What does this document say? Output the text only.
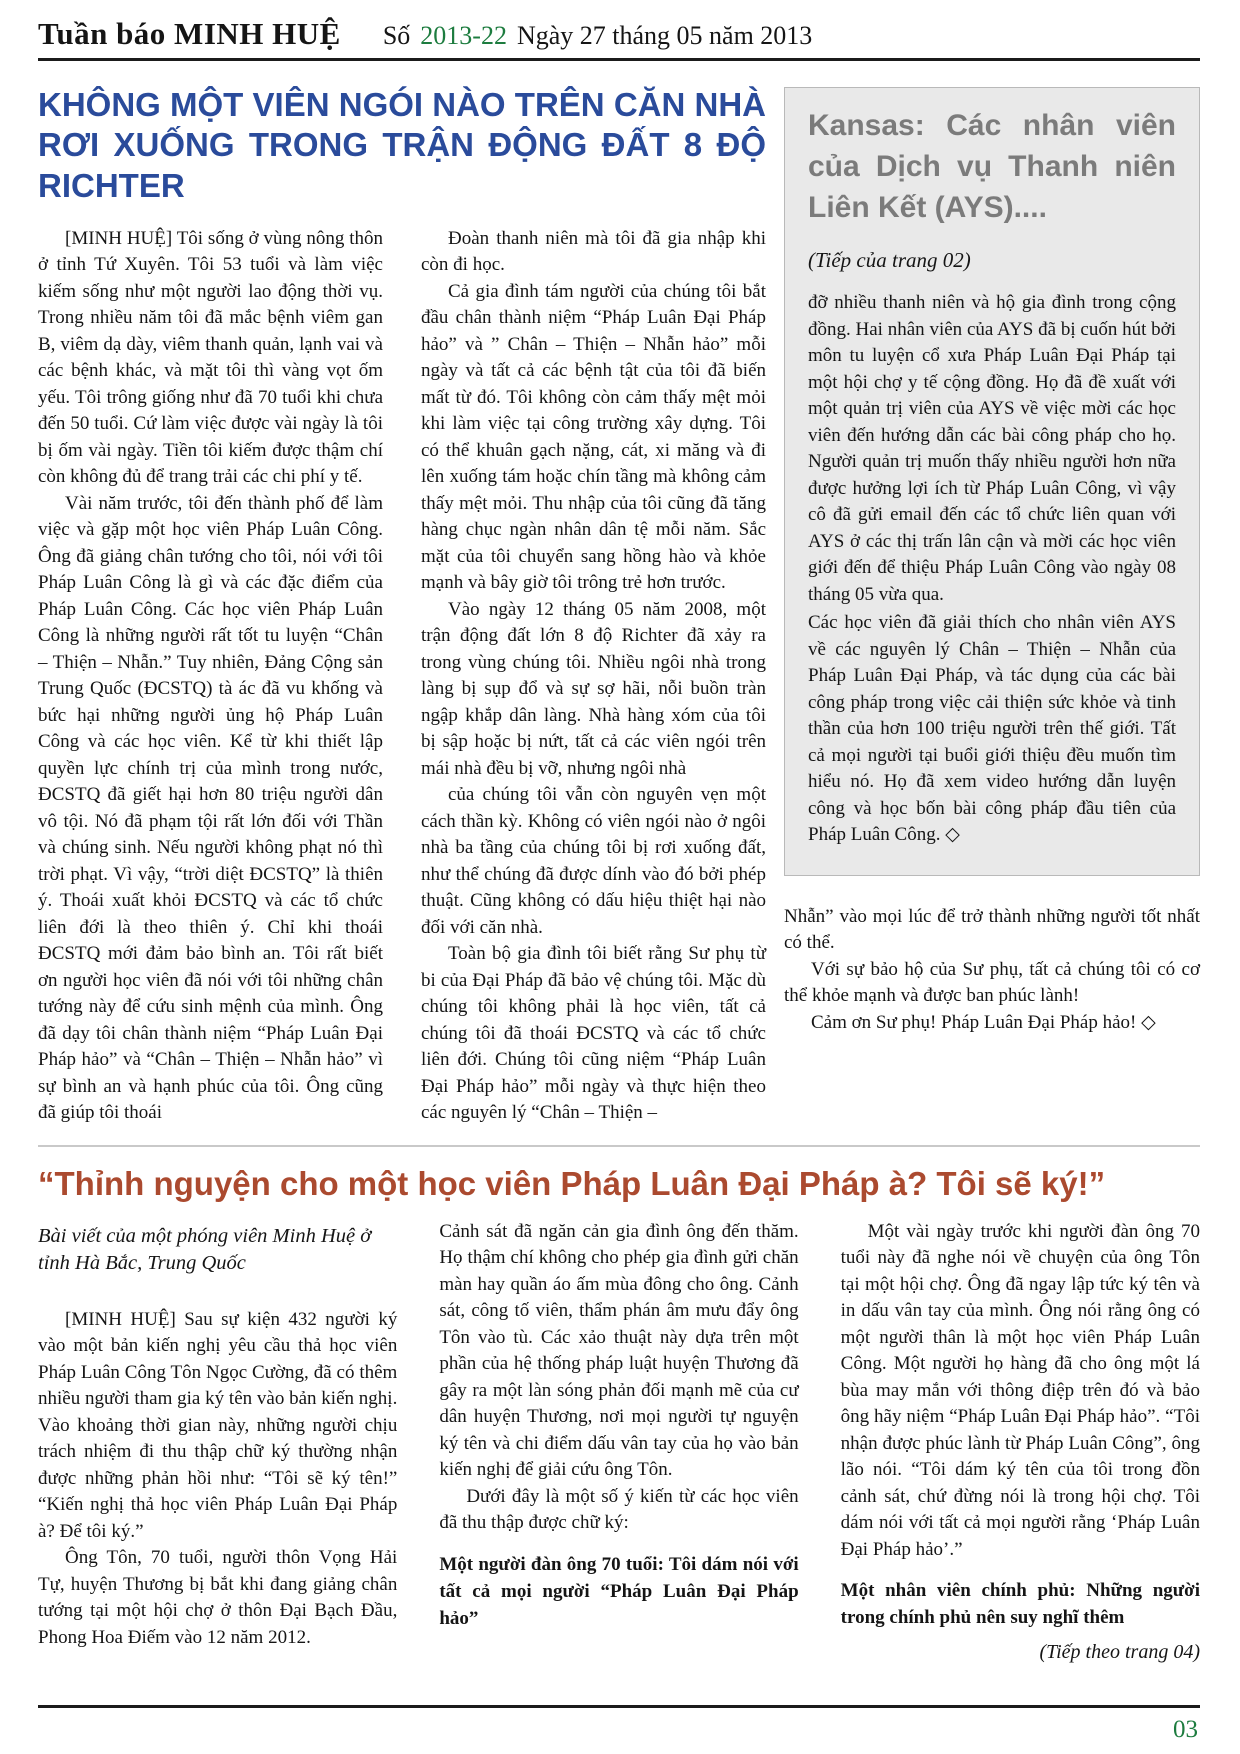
Tuần báo MINH HUỆ Số 2013-22 Ngày 27 tháng 05 năm 2013
KHÔNG MỘT VIÊN NGÓI NÀO TRÊN CĂN NHÀ RƠI XUỐNG TRONG TRẬN ĐỘNG ĐẤT 8 ĐỘ RICHTER

[MINH HUỆ] Tôi sống ở vùng nông thôn ở tỉnh Tứ Xuyên. Tôi 53 tuổi và làm việc kiếm sống như một người lao động thời vụ. Trong nhiều năm tôi đã mắc bệnh viêm gan B, viêm dạ dày, viêm thanh quản, lạnh vai và các bệnh khác, và mặt tôi thì vàng vọt ốm yếu. Tôi trông giống như đã 70 tuổi khi chưa đến 50 tuổi. Cứ làm việc được vài ngày là tôi bị ốm vài ngày. Tiền tôi kiếm được thậm chí còn không đủ để trang trải các chi phí y tế.

Vài năm trước, tôi đến thành phố để làm việc và gặp một học viên Pháp Luân Công. Ông đã giảng chân tướng cho tôi, nói với tôi Pháp Luân Công là gì và các đặc điểm của Pháp Luân Công. Các học viên Pháp Luân Công là những người rất tốt tu luyện “Chân – Thiện – Nhẫn.” Tuy nhiên, Đảng Cộng sản Trung Quốc (ĐCSTQ) tà ác đã vu khống và bức hại những người ủng hộ Pháp Luân Công và các học viên. Kể từ khi thiết lập quyền lực chính trị của mình trong nước, ĐCSTQ đã giết hại hơn 80 triệu người dân vô tội. Nó đã phạm tội rất lớn đối với Thần và chúng sinh. Nếu người không phạt nó thì trời phạt. Vì vậy, “trời diệt ĐCSTQ” là thiên ý. Thoái xuất khỏi ĐCSTQ và các tổ chức liên đới là theo thiên ý. Chỉ khi thoái ĐCSTQ mới đảm bảo bình an. Tôi rất biết ơn người học viên đã nói với tôi những chân tướng này để cứu sinh mệnh của mình. Ông đã dạy tôi chân thành niệm “Pháp Luân Đại Pháp hảo” và “Chân – Thiện – Nhẫn hảo” vì sự bình an và hạnh phúc của tôi. Ông cũng đã giúp tôi thoái

Đoàn thanh niên mà tôi đã gia nhập khi còn đi học.

Cả gia đình tám người của chúng tôi bắt đầu chân thành niệm “Pháp Luân Đại Pháp hảo” và ” Chân – Thiện – Nhẫn hảo” mỗi ngày và tất cả các bệnh tật của tôi đã biến mất từ đó. Tôi không còn cảm thấy mệt mỏi khi làm việc tại công trường xây dựng. Tôi có thể khuân gạch nặng, cát, xi măng và đi lên xuống tám hoặc chín tầng mà không cảm thấy mệt mỏi. Thu nhập của tôi cũng đã tăng hàng chục ngàn nhân dân tệ mỗi năm. Sắc mặt của tôi chuyển sang hồng hào và khỏe mạnh và bây giờ tôi trông trẻ hơn trước.

Vào ngày 12 tháng 05 năm 2008, một trận động đất lớn 8 độ Richter đã xảy ra trong vùng chúng tôi. Nhiều ngôi nhà trong làng bị sụp đổ và sự sợ hãi, nỗi buồn tràn ngập khắp dân làng. Nhà hàng xóm của tôi bị sập hoặc bị nứt, tất cả các viên ngói trên mái nhà đều bị vỡ, nhưng ngôi nhà

của chúng tôi vẫn còn nguyên vẹn một cách thần kỳ. Không có viên ngói nào ở ngôi nhà ba tầng của chúng tôi bị rơi xuống đất, như thể chúng đã được dính vào đó bởi phép thuật. Cũng không có dấu hiệu thiệt hại nào đối với căn nhà.

Toàn bộ gia đình tôi biết rằng Sư phụ từ bi của Đại Pháp đã bảo vệ chúng tôi. Mặc dù chúng tôi không phải là học viên, tất cả chúng tôi đã thoái ĐCSTQ và các tổ chức liên đới. Chúng tôi cũng niệm “Pháp Luân Đại Pháp hảo” mỗi ngày và thực hiện theo các nguyên lý “Chân – Thiện –

Kansas: Các nhân viên của Dịch vụ Thanh niên Liên Kết (AYS)....

(Tiếp của trang 02)

đỡ nhiều thanh niên và hộ gia đình trong cộng đồng. Hai nhân viên của AYS đã bị cuốn hút bởi môn tu luyện cổ xưa Pháp Luân Đại Pháp tại một hội chợ y tế cộng đồng. Họ đã đề xuất với một quản trị viên của AYS về việc mời các học viên đến hướng dẫn các bài công pháp cho họ. Người quản trị muốn thấy nhiều người hơn nữa được hưởng lợi ích từ Pháp Luân Công, vì vậy cô đã gửi email đến các tổ chức liên quan với AYS ở các thị trấn lân cận và mời các học viên giới đến để thiệu Pháp Luân Công vào ngày 08 tháng 05 vừa qua.

Các học viên đã giải thích cho nhân viên AYS về các nguyên lý Chân – Thiện – Nhẫn của Pháp Luân Đại Pháp, và tác dụng của các bài công pháp trong việc cải thiện sức khỏe và tinh thần của hơn 100 triệu người trên thế giới. Tất cả mọi người tại buổi giới thiệu đều muốn tìm hiểu nó. Họ đã xem video hướng dẫn luyện công và học bốn bài công pháp đầu tiên của Pháp Luân Công. ◇

Nhẫn” vào mọi lúc để trở thành những người tốt nhất có thể.

Với sự bảo hộ của Sư phụ, tất cả chúng tôi có cơ thể khỏe mạnh và được ban phúc lành!

Cảm ơn Sư phụ! Pháp Luân Đại Pháp hảo! ◇

“Thỉnh nguyện cho một học viên Pháp Luân Đại Pháp à? Tôi sẽ ký!”

Bài viết của một phóng viên Minh Huệ ở tỉnh Hà Bắc, Trung Quốc

[MINH HUỆ] Sau sự kiện 432 người ký vào một bản kiến nghị yêu cầu thả học viên Pháp Luân Công Tôn Ngọc Cường, đã có thêm nhiều người tham gia ký tên vào bản kiến nghị. Vào khoảng thời gian này, những người chịu trách nhiệm đi thu thập chữ ký thường nhận được những phản hồi như: “Tôi sẽ ký tên!” “Kiến nghị thả học viên Pháp Luân Đại Pháp à? Để tôi ký.”

Ông Tôn, 70 tuổi, người thôn Vọng Hải Tự, huyện Thương bị bắt khi đang giảng chân tướng tại một hội chợ ở thôn Đại Bạch Đầu, Phong Hoa Điếm vào 12 năm 2012.

Cảnh sát đã ngăn cản gia đình ông đến thăm. Họ thậm chí không cho phép gia đình gửi chăn màn hay quần áo ấm mùa đông cho ông. Cảnh sát, công tố viên, thẩm phán âm mưu đẩy ông Tôn vào tù. Các xảo thuật này dựa trên một phần của hệ thống pháp luật huyện Thương đã gây ra một làn sóng phản đối mạnh mẽ của cư dân huyện Thương, nơi mọi người tự nguyện ký tên và chi điểm dấu vân tay của họ vào bản kiến nghị để giải cứu ông Tôn.

Dưới đây là một số ý kiến từ các học viên đã thu thập được chữ ký:

Một người đàn ông 70 tuổi: Tôi dám nói với tất cả mọi người “Pháp Luân Đại Pháp hảo”

Một vài ngày trước khi người đàn ông 70 tuổi này đã nghe nói về chuyện của ông Tôn tại một hội chợ. Ông đã ngay lập tức ký tên và in dấu vân tay của mình. Ông nói rằng ông có một người thân là một học viên Pháp Luân Công. Một người họ hàng đã cho ông một lá bùa may mắn với thông điệp trên đó và bảo ông hãy niệm “Pháp Luân Đại Pháp hảo”. “Tôi nhận được phúc lành từ Pháp Luân Công”, ông lão nói. “Tôi dám ký tên của tôi trong đồn cảnh sát, chứ đừng nói là trong hội chợ. Tôi dám nói với tất cả mọi người rằng ‘Pháp Luân Đại Pháp hảo’.”

Một nhân viên chính phủ: Những người trong chính phủ nên suy nghĩ thêm

(Tiếp theo trang 04)

03
